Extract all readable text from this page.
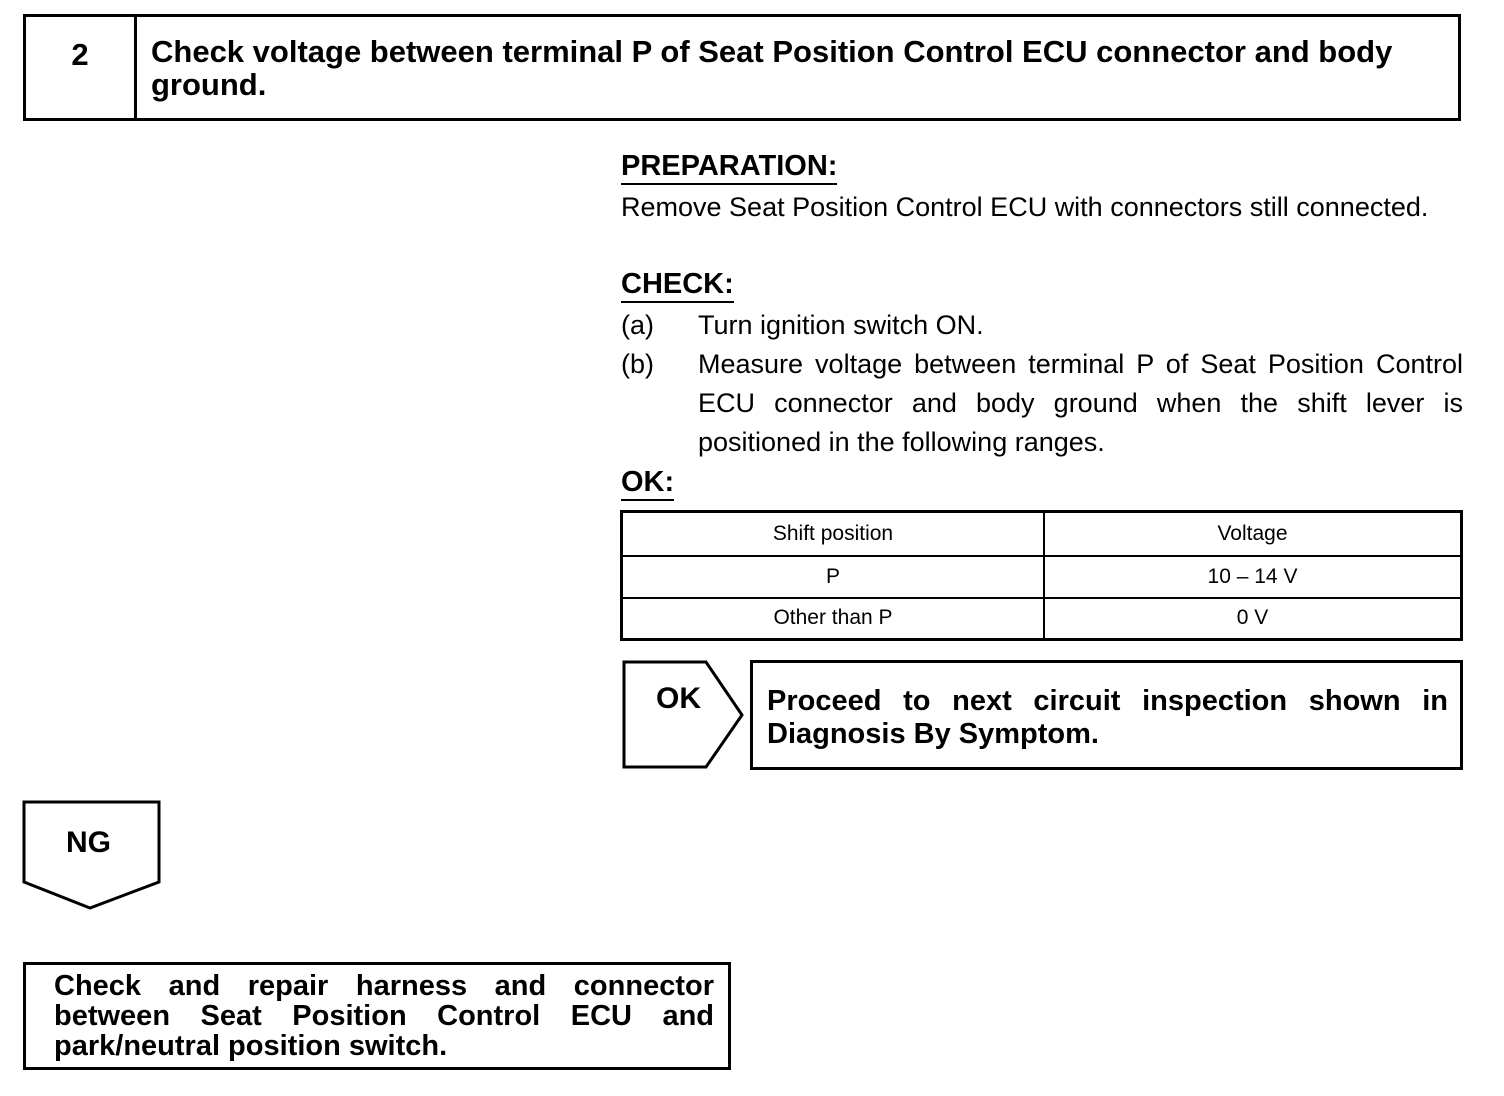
2	Check voltage between terminal P of Seat Position Control ECU connector and body ground.
PREPARATION:
Remove Seat Position Control ECU with connectors still connected.
CHECK:
(a) Turn ignition switch ON.
(b) Measure voltage between terminal P of Seat Position Control ECU connector and body ground when the shift lever is positioned in the following ranges.
OK:
Shift position	Voltage
P	10 – 14 V
Other than P	0 V
OK Proceed to next circuit inspection shown in Diagnosis By Symptom.
NG
Check and repair harness and connector between Seat Position Control ECU and park/neutral position switch.
